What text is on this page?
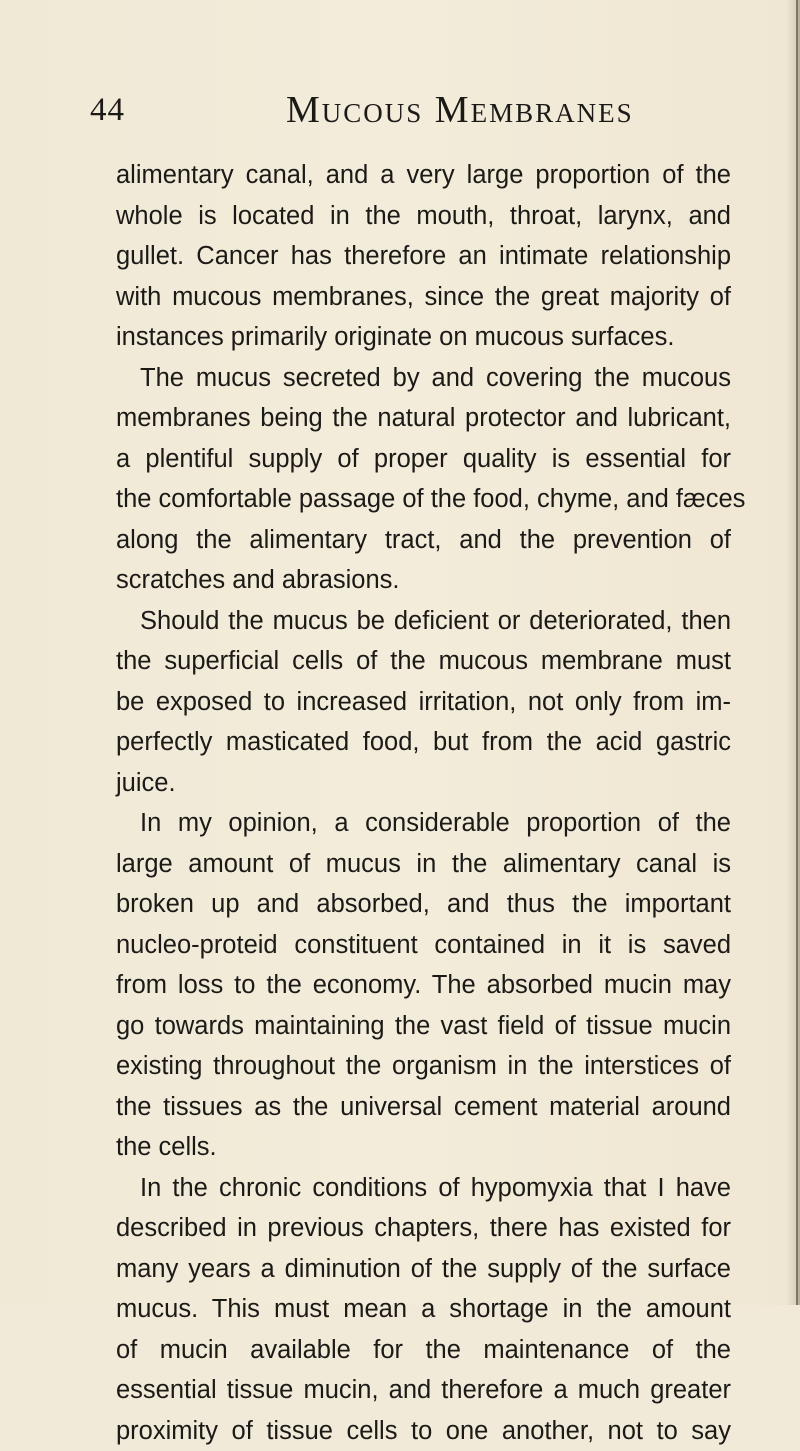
44	Mucous Membranes
alimentary canal, and a very large proportion of the
whole is located in the mouth, throat, larynx, and
gullet. Cancer has therefore an intimate relationship
with mucous membranes, since the great majority of
instances primarily originate on mucous surfaces.
The mucus secreted by and covering the mucous
membranes being the natural protector and lubricant,
a plentiful supply of proper quality is essential for
the comfortable passage of the food, chyme, and fæces
along the alimentary tract, and the prevention of
scratches and abrasions.
Should the mucus be deficient or deteriorated, then
the superficial cells of the mucous membrane must
be exposed to increased irritation, not only from im-
perfectly masticated food, but from the acid gastric
juice.
In my opinion, a considerable proportion of the
large amount of mucus in the alimentary canal is
broken up and absorbed, and thus the important
nucleo-proteid constituent contained in it is saved
from loss to the economy. The absorbed mucin may
go towards maintaining the vast field of tissue mucin
existing throughout the organism in the interstices of
the tissues as the universal cement material around
the cells.
In the chronic conditions of hypomyxia that I have
described in previous chapters, there has existed for
many years a diminution of the supply of the surface
mucus. This must mean a shortage in the amount
of mucin available for the maintenance of the
essential tissue mucin, and therefore a much greater
proximity of tissue cells to one another, not to say
